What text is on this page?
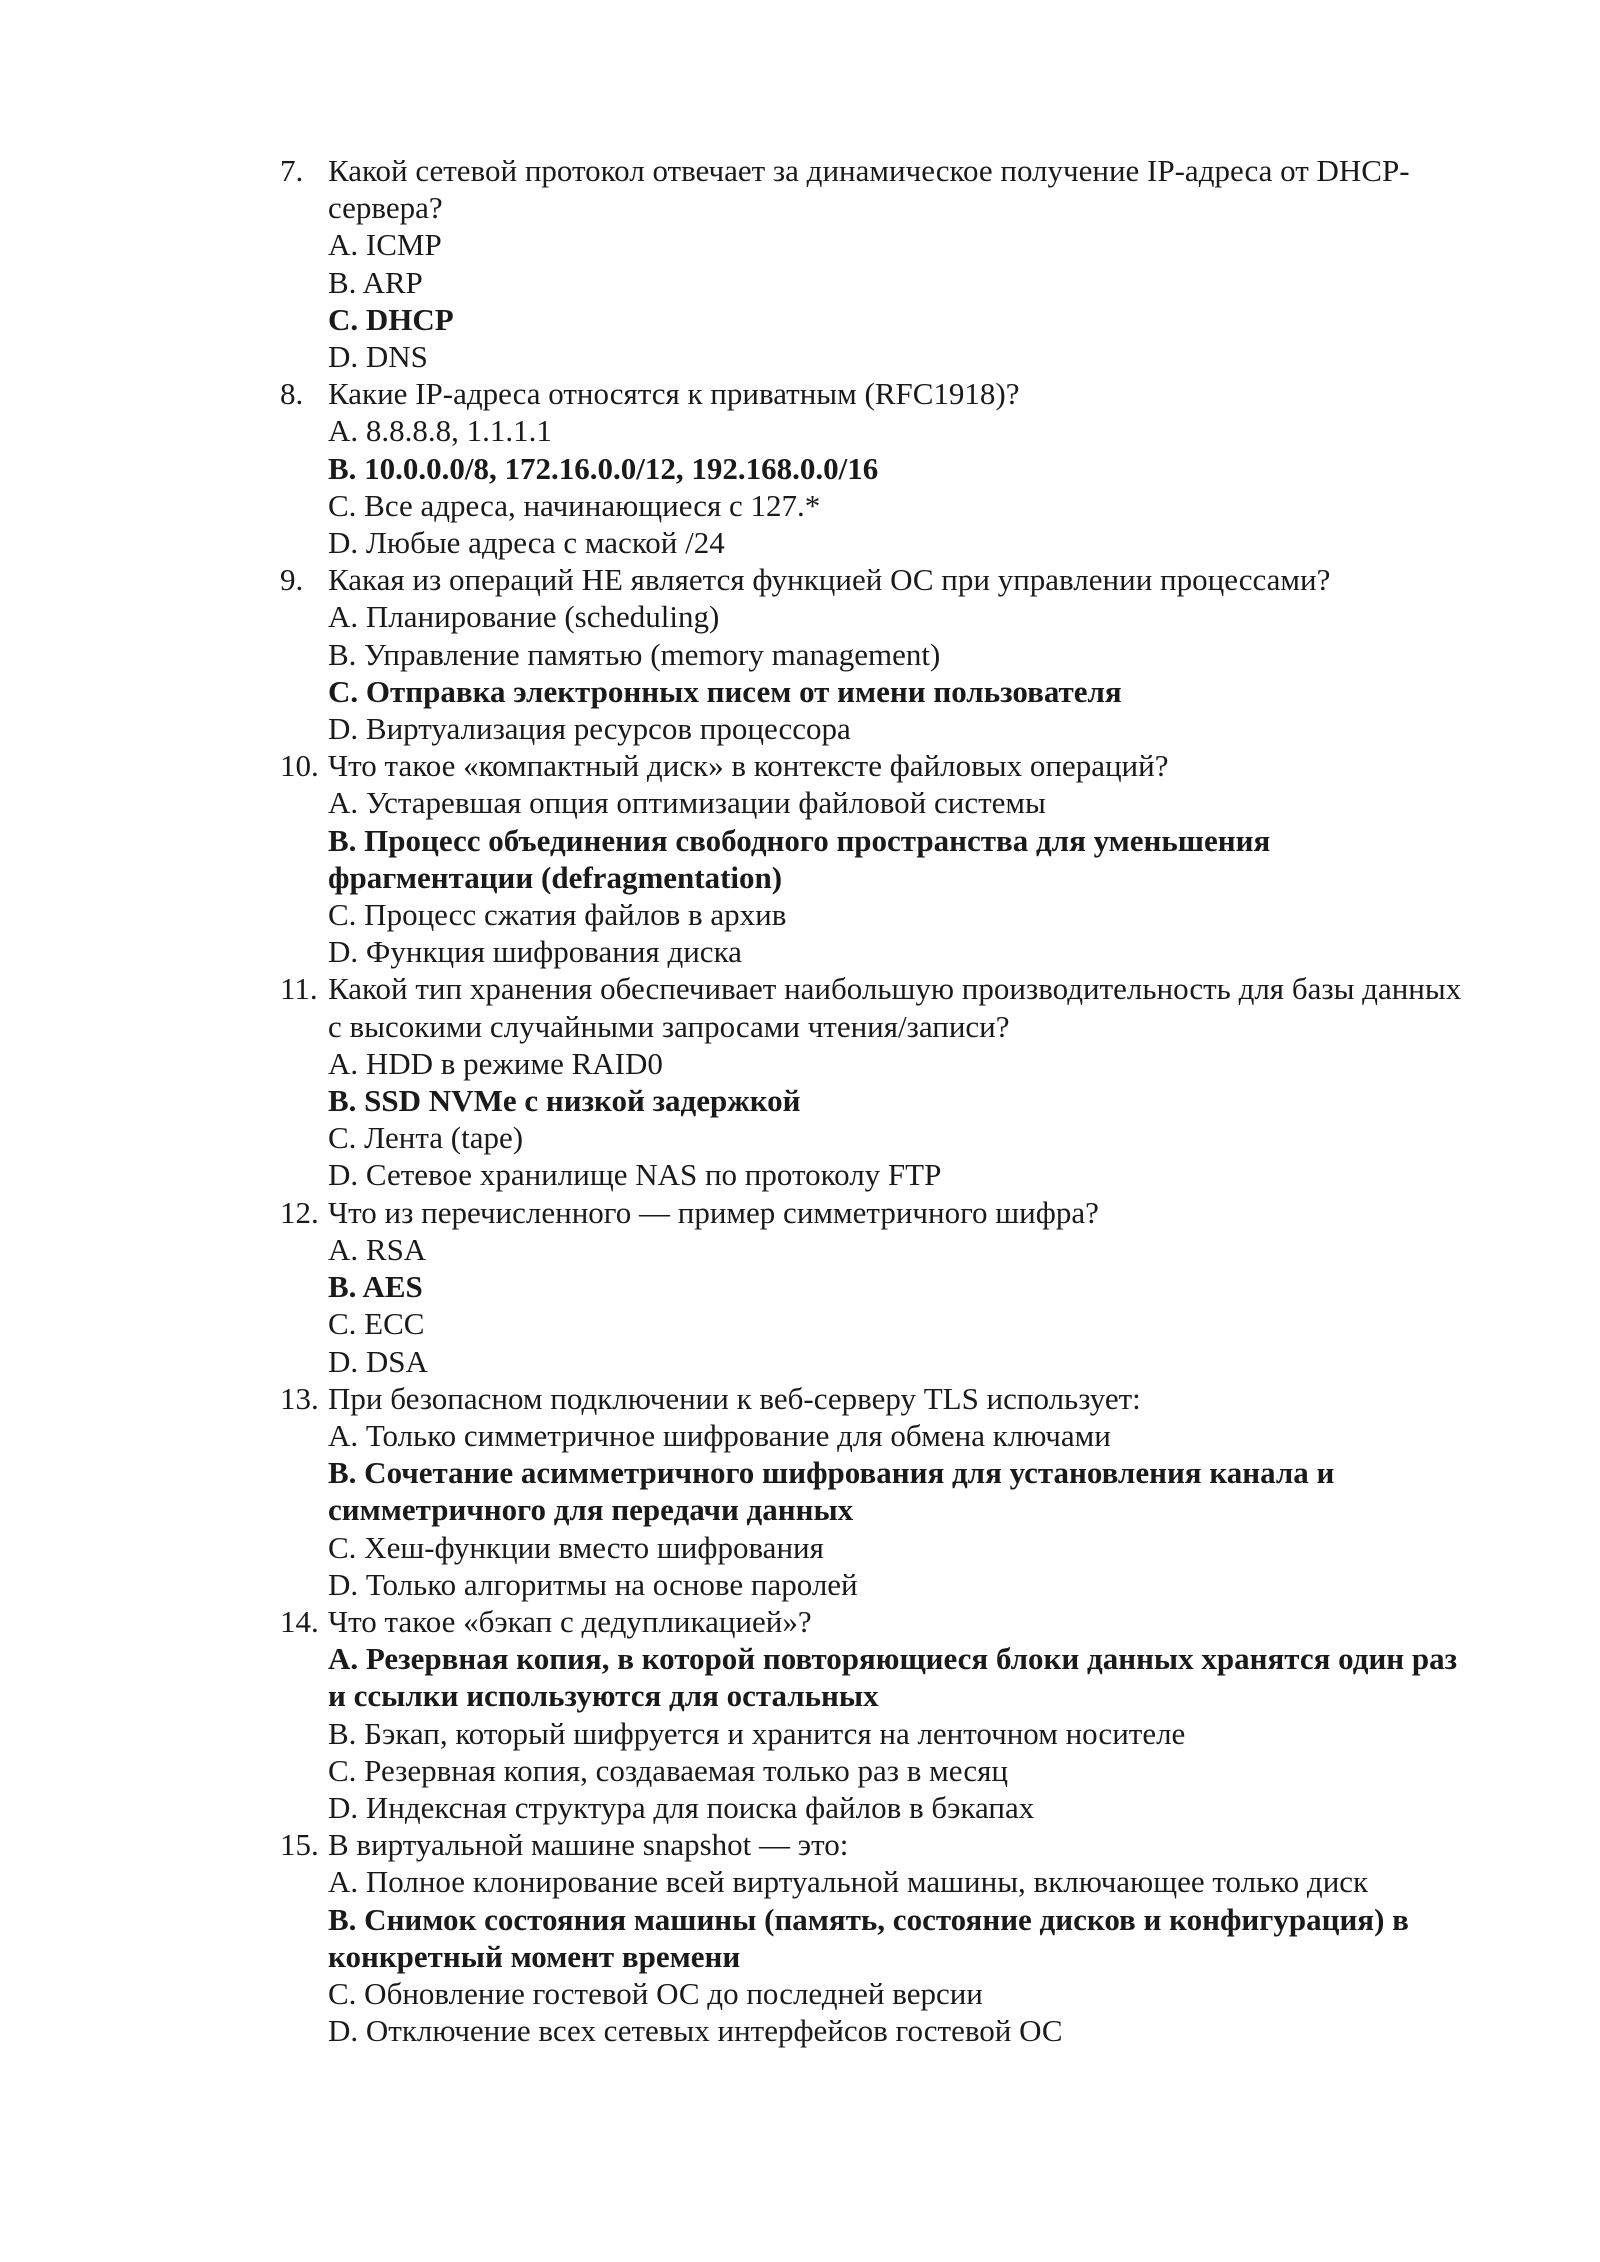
7. Какой сетевой протокол отвечает за динамическое получение IP-адреса от DHCP-сервера?
A. ICMP
B. ARP
C. DHCP
D. DNS
8. Какие IP-адреса относятся к приватным (RFC1918)?
A. 8.8.8.8, 1.1.1.1
B. 10.0.0.0/8, 172.16.0.0/12, 192.168.0.0/16
C. Все адреса, начинающиеся с 127.*
D. Любые адреса с маской /24
9. Какая из операций НЕ является функцией ОС при управлении процессами?
A. Планирование (scheduling)
B. Управление памятью (memory management)
C. Отправка электронных писем от имени пользователя
D. Виртуализация ресурсов процессора
10. Что такое «компактный диск» в контексте файловых операций?
A. Устаревшая опция оптимизации файловой системы
B. Процесс объединения свободного пространства для уменьшения фрагментации (defragmentation)
C. Процесс сжатия файлов в архив
D. Функция шифрования диска
11. Какой тип хранения обеспечивает наибольшую производительность для базы данных с высокими случайными запросами чтения/записи?
A. HDD в режиме RAID0
B. SSD NVMe с низкой задержкой
C. Лента (tape)
D. Сетевое хранилище NAS по протоколу FTP
12. Что из перечисленного — пример симметричного шифра?
A. RSA
B. AES
C. ECC
D. DSA
13. При безопасном подключении к веб-серверу TLS использует:
A. Только симметричное шифрование для обмена ключами
B. Сочетание асимметричного шифрования для установления канала и симметричного для передачи данных
C. Хеш-функции вместо шифрования
D. Только алгоритмы на основе паролей
14. Что такое «бэкап с дедупликацией»?
A. Резервная копия, в которой повторяющиеся блоки данных хранятся один раз и ссылки используются для остальных
B. Бэкап, который шифруется и хранится на ленточном носителе
C. Резервная копия, создаваемая только раз в месяц
D. Индексная структура для поиска файлов в бэкапах
15. В виртуальной машине snapshot — это:
A. Полное клонирование всей виртуальной машины, включающее только диск
B. Снимок состояния машины (память, состояние дисков и конфигурация) в конкретный момент времени
C. Обновление гостевой ОС до последней версии
D. Отключение всех сетевых интерфейсов гостевой ОС
